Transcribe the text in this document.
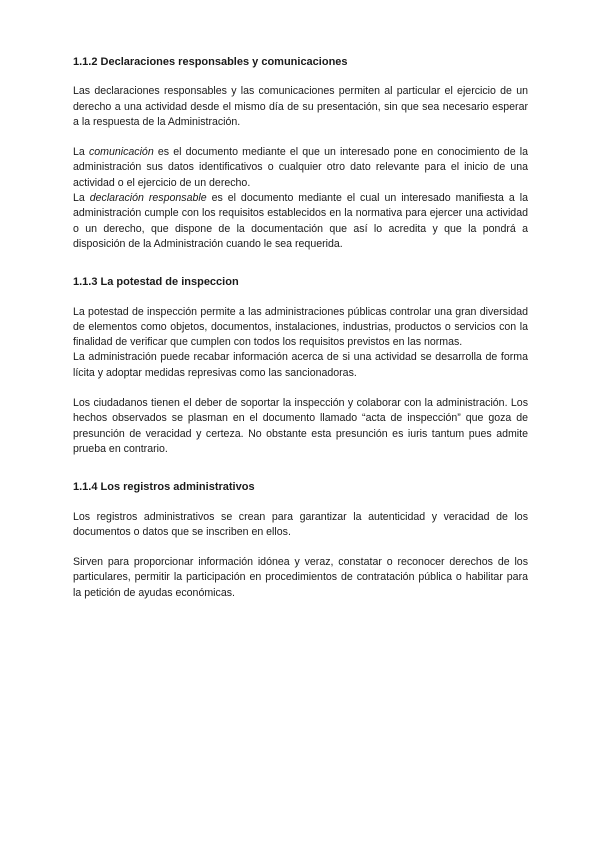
1.1.2 Declaraciones responsables y comunicaciones

Las declaraciones responsables y las comunicaciones permiten al particular el ejercicio de un derecho a una actividad desde el mismo día de su presentación, sin que sea necesario esperar a la respuesta de la Administración.

La comunicación es el documento mediante el que un interesado pone en conocimiento de la administración sus datos identificativos o cualquier otro dato relevante para el inicio de una actividad o el ejercicio de un derecho.

La declaración responsable es el documento mediante el cual un interesado manifiesta a la administración cumple con los requisitos establecidos en la normativa para ejercer una actividad o un derecho, que dispone de la documentación que así lo acredita y que la pondrá a disposición de la Administración cuando le sea requerida.

1.1.3 La potestad de inspeccion

La potestad de inspección permite a las administraciones públicas controlar una gran diversidad de elementos como objetos, documentos, instalaciones, industrias, productos o servicios con la finalidad de verificar que cumplen con todos los requisitos previstos en las normas.

La administración puede recabar información acerca de si una actividad se desarrolla de forma lícita y adoptar medidas represivas como las sancionadoras.

Los ciudadanos tienen el deber de soportar la inspección y colaborar con la administración. Los hechos observados se plasman en el documento llamado “acta de inspección” que goza de presunción de veracidad y certeza. No obstante esta presunción es iuris tantum pues admite prueba en contrario.

1.1.4 Los registros administrativos

Los registros administrativos se crean para garantizar la autenticidad y veracidad de los documentos o datos que se inscriben en ellos.

Sirven para proporcionar información idónea y veraz, constatar o reconocer derechos de los particulares, permitir la participación en procedimientos de contratación pública o habilitar para la petición de ayudas económicas.
